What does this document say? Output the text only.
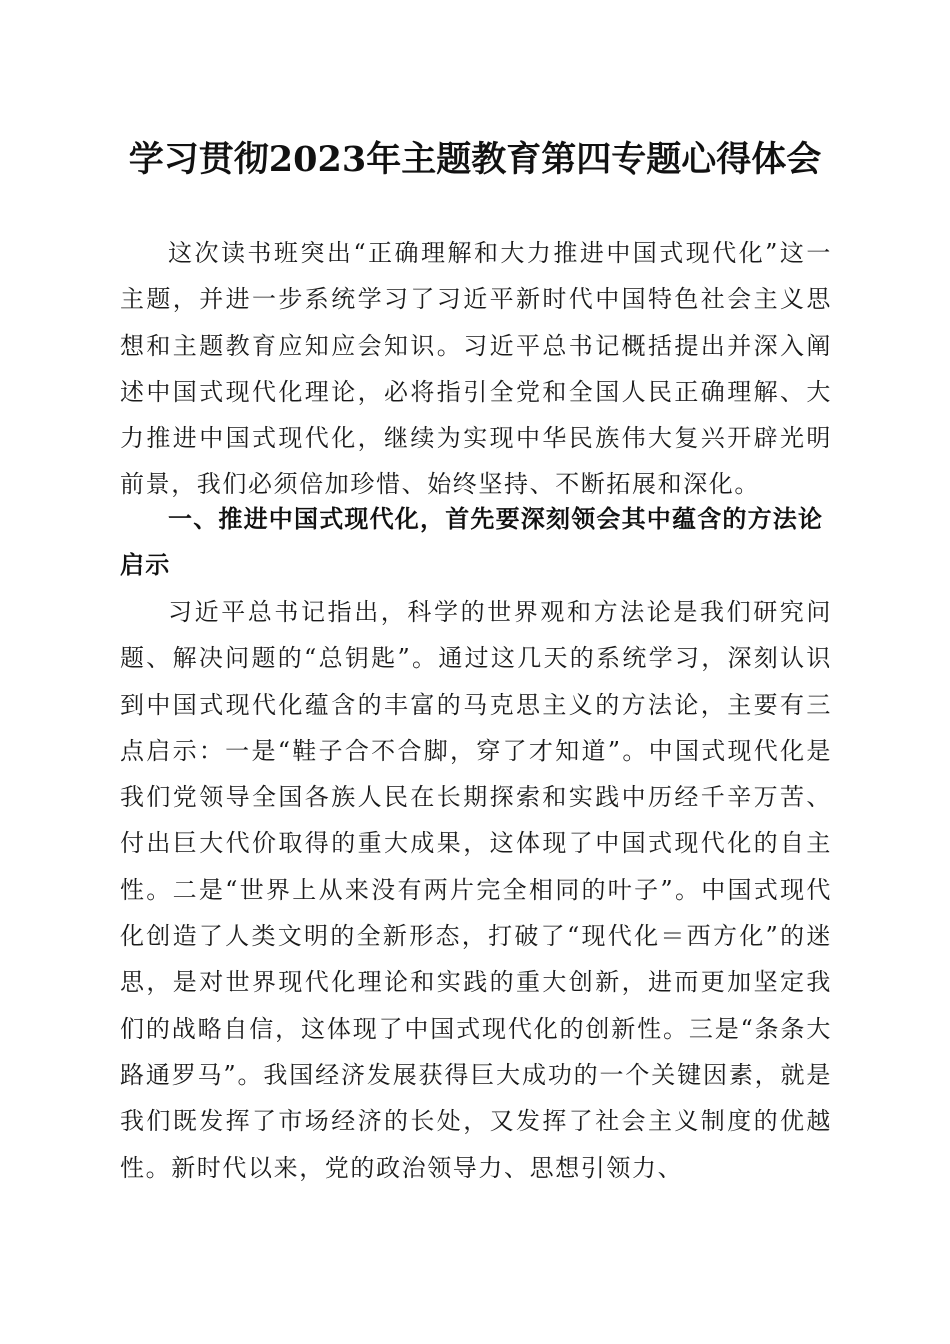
学习贯彻2023年主题教育第四专题心得体会

这次读书班突出“正确理解和大力推进中国式现代化”这一主题，并进一步系统学习了习近平新时代中国特色社会主义思想和主题教育应知应会知识。习近平总书记概括提出并深入阐述中国式现代化理论，必将指引全党和全国人民正确理解、大力推进中国式现代化，继续为实现中华民族伟大复兴开辟光明前景，我们必须倍加珍惜、始终坚持、不断拓展和深化。

一、推进中国式现代化，首先要深刻领会其中蕴含的方法论启示

习近平总书记指出，科学的世界观和方法论是我们研究问题、解决问题的“总钥匙”。通过这几天的系统学习，深刻认识到中国式现代化蕴含的丰富的马克思主义的方法论，主要有三点启示：一是“鞋子合不合脚，穿了才知道”。中国式现代化是我们党领导全国各族人民在长期探索和实践中历经千辛万苦、付出巨大代价取得的重大成果，这体现了中国式现代化的自主性。二是“世界上从来没有两片完全相同的叶子”。中国式现代化创造了人类文明的全新形态，打破了“现代化＝西方化”的迷思，是对世界现代化理论和实践的重大创新，进而更加坚定我们的战略自信，这体现了中国式现代化的创新性。三是“条条大路通罗马”。我国经济发展获得巨大成功的一个关键因素，就是我们既发挥了市场经济的长处，又发挥了社会主义制度的优越性。新时代以来，党的政治领导力、思想引领力、
